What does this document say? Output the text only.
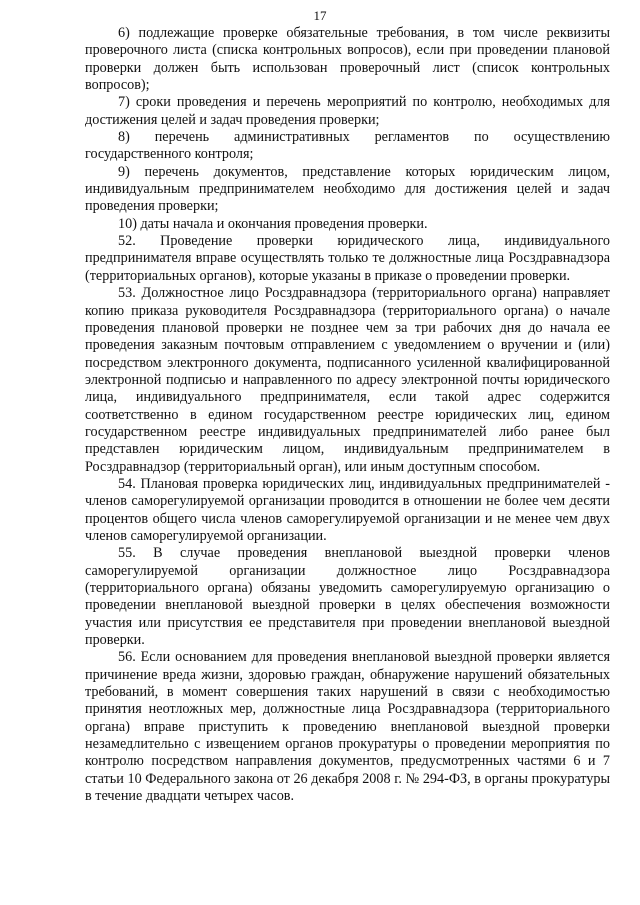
17

6) подлежащие проверке обязательные требования, в том числе реквизиты проверочного листа (списка контрольных вопросов), если при проведении плановой проверки должен быть использован проверочный лист (список контрольных вопросов);

7) сроки проведения и перечень мероприятий по контролю, необходимых для достижения целей и задач проведения проверки;

8) перечень административных регламентов по осуществлению государственного контроля;

9) перечень документов, представление которых юридическим лицом, индивидуальным предпринимателем необходимо для достижения целей и задач проведения проверки;

10) даты начала и окончания проведения проверки.

52. Проведение проверки юридического лица, индивидуального предпринимателя вправе осуществлять только те должностные лица Росздравнадзора (территориальных органов), которые указаны в приказе о проведении проверки.

53. Должностное лицо Росздравнадзора (территориального органа) направляет копию приказа руководителя Росздравнадзора (территориального органа) о начале проведения плановой проверки не позднее чем за три рабочих дня до начала ее проведения заказным почтовым отправлением с уведомлением о вручении и (или) посредством электронного документа, подписанного усиленной квалифицированной электронной подписью и направленного по адресу электронной почты юридического лица, индивидуального предпринимателя, если такой адрес содержится соответственно в едином государственном реестре юридических лиц, едином государственном реестре индивидуальных предпринимателей либо ранее был представлен юридическим лицом, индивидуальным предпринимателем в Росздравнадзор (территориальный орган), или иным доступным способом.

54. Плановая проверка юридических лиц, индивидуальных предпринимателей - членов саморегулируемой организации проводится в отношении не более чем десяти процентов общего числа членов саморегулируемой организации и не менее чем двух членов саморегулируемой организации.

55. В случае проведения внеплановой выездной проверки членов саморегулируемой организации должностное лицо Росздравнадзора (территориального органа) обязаны уведомить саморегулируемую организацию о проведении внеплановой выездной проверки в целях обеспечения возможности участия или присутствия ее представителя при проведении внеплановой выездной проверки.

56. Если основанием для проведения внеплановой выездной проверки является причинение вреда жизни, здоровью граждан, обнаружение нарушений обязательных требований, в момент совершения таких нарушений в связи с необходимостью принятия неотложных мер, должностные лица Росздравнадзора (территориального органа) вправе приступить к проведению внеплановой выездной проверки незамедлительно с извещением органов прокуратуры о проведении мероприятия по контролю посредством направления документов, предусмотренных частями 6 и 7 статьи 10 Федерального закона от 26 декабря 2008 г. № 294-ФЗ, в органы прокуратуры в течение двадцати четырех часов.
